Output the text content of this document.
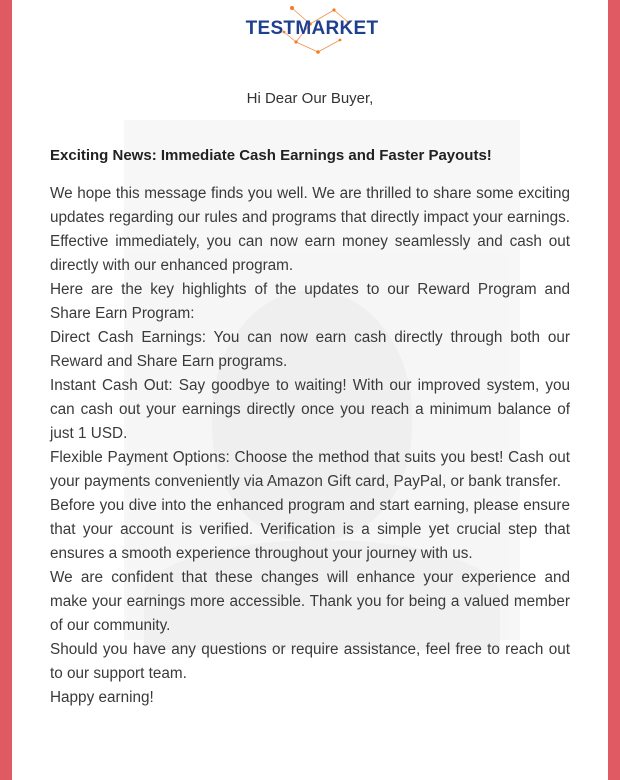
TESTMARKET
Hi Dear Our Buyer,

Exciting News: Immediate Cash Earnings and Faster Payouts!

We hope this message finds you well. We are thrilled to share some exciting updates regarding our rules and programs that directly impact your earnings. Effective immediately, you can now earn money seamlessly and cash out directly with our enhanced program.

Here are the key highlights of the updates to our Reward Program and Share Earn Program:

Direct Cash Earnings: You can now earn cash directly through both our Reward and Share Earn programs.

Instant Cash Out: Say goodbye to waiting! With our improved system, you can cash out your earnings directly once you reach a minimum balance of just 1 USD.

Flexible Payment Options: Choose the method that suits you best! Cash out your payments conveniently via Amazon Gift card, PayPal, or bank transfer.

Before you dive into the enhanced program and start earning, please ensure that your account is verified. Verification is a simple yet crucial step that ensures a smooth experience throughout your journey with us.

We are confident that these changes will enhance your experience and make your earnings more accessible. Thank you for being a valued member of our community.

Should you have any questions or require assistance, feel free to reach out to our support team.

Happy earning!
